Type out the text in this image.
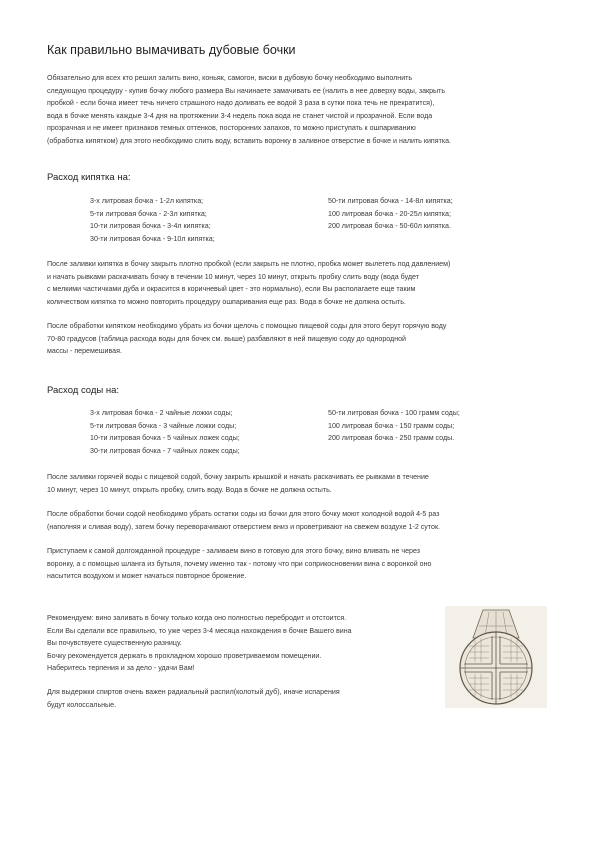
Как правильно вымачивать дубовые бочки

Обязательно для всех кто решил залить вино, коньяк, самогон, виски в дубовую бочку необходимо выполнить

следующую процедуру - купив бочку любого размера Вы начинаете замачивать ее (налить в нее доверху воды, закрыть

пробкой - если бочка имеет течь ничего страшного надо доливать ее водой 3 раза в сутки пока течь не прекратится),

вода в бочке менять каждые 3-4 дня на протяжении 3-4 недель пока вода не станет чистой и прозрачной. Если вода

прозрачная и не имеет признаков темных оттенков, посторонних запахов, то можно приступать к ошпариванию

(обработка кипятком) для этого необходимо слить воду, вставить воронку в заливное отверстие в бочке и налить кипятка.

Расход кипятка на:
3-х литровая бочка - 1-2л кипятка;
5-ти литровая бочка - 2-3л кипятка;
10-ти литровая бочка - 3-4л кипятка;
30-ти литровая бочка - 9-10л кипятка;
50-ти литровая бочка - 14-8л кипятка;
100 литровая бочка - 20-25л кипятка;
200 литровая бочка - 50-60л кипятка.

После заливки кипятка в бочку закрыть плотно пробкой (если закрыть не плотно, пробка может вылететь под давлением)

и начать рывками раскачивать бочку в течении 10 минут, через 10 минут, открыть пробку слить воду (вода будет

с мелкими частичками дуба и окрасится в коричневый цвет - это нормально), если Вы располагаете еще таким

количеством кипятка то можно повторить процедуру ошпаривания еще раз. Вода в бочке не должна остыть.

После обработки кипятком необходимо убрать из бочки щелочь с помощью пищевой соды для этого берут горячую воду

70-80 градусов (таблица расхода воды для бочек см. выше) разбавляют в ней пищевую соду до однородной

массы - перемешивая.

Расход соды на:
3-х литровая бочка - 2 чайные ложки соды;
5-ти литровая бочка - 3 чайные ложки соды;
10-ти литровая бочка - 5 чайных ложек соды;
30-ти литровая бочка - 7 чайных ложек соды;
50-ти литровая бочка - 100 грамм соды;
100 литровая бочка - 150 грамм соды;
200 литровая бочка - 250 грамм соды.

После заливки горячей воды с пищевой содой, бочку закрыть крышкой и начать раскачивать ее рывками в течение

10 минут, через 10 минут, открыть пробку, слить воду. Вода в бочке не должна остыть.

После обработки бочки содой необходимо убрать остатки соды из бочки для этого бочку моют холодной водой 4-5 раз

(наполняя и сливая воду), затем бочку переворачивают отверстием вниз и проветривают на свежем воздухе 1-2 суток.

Приступаем к самой долгожданной процедуре - заливаем вино в готовую для этого бочку, вино вливать не через

воронку, а с помощью шланга из бутыля, почему именно так - потому что при соприкосновении вина с воронкой оно

насытится воздухом и может начаться повторное брожение.

Рекомендуем: вино заливать в бочку только когда оно полностью перебродит и отстоится.

Если Вы сделали все правильно, то уже через 3-4 месяца нахождения в бочке Вашего вина

Вы почувствуете существенную разницу.

Бочку рекомендуется держать в прохладном хорошо проветриваемом помещении.

Наберитесь терпения и за дело - удачи Вам!

Для выдержки спиртов очень важен радиальный распил(колотый дуб), иначе испарения

будут колоссальные.
